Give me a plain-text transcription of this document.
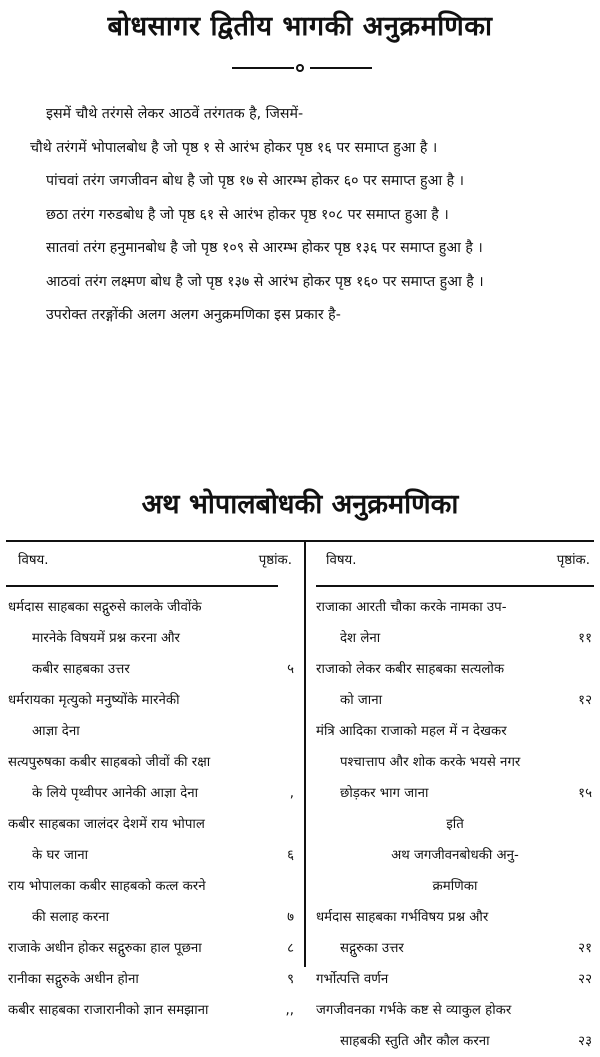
बोधसागर द्वितीय भागकी अनुक्रमणिका

इसमें चौथे तरंगसे लेकर आठवें तरंगतक है, जिसमें-

चौथे तरंगमें भोपालबोध है जो पृष्ठ १ से आरंभ होकर पृष्ठ १६ पर समाप्त हुआ है ।

पांचवां तरंग जगजीवन बोध है जो पृष्ठ १७ से आरम्भ होकर ६० पर समाप्त हुआ है ।

छठा तरंग गरुडबोध है जो पृष्ठ ६१ से आरंभ होकर पृष्ठ १०८ पर समाप्त हुआ है ।

सातवां तरंग हनुमानबोध है जो पृष्ठ १०९ से आरम्भ होकर पृष्ठ १३६ पर समाप्त हुआ है ।

आठवां तरंग लक्ष्मण बोध है जो पृष्ठ १३७ से आरंभ होकर पृष्ठ १६० पर समाप्त हुआ है ।

उपरोक्त तरङ्गोंकी अलग अलग अनुक्रमणिका इस प्रकार है-

अथ भोपालबोधकी अनुक्रमणिका
विषय.	पृष्ठांक.
धर्मदास साहबका सद्गुरुसे कालके जीवोंके
मारनेके विषयमें प्रश्न करना और
कबीर साहबका उत्तर	५
धर्मरायका मृत्युको मनुष्योंके मारनेकी
आज्ञा देना
सत्यपुरुषका कबीर साहबको जीवों की रक्षा
के लिये पृथ्वीपर आनेकी आज्ञा देना	,
कबीर साहबका जालंदर देशमें राय भोपाल
के घर जाना	६
राय भोपालका कबीर साहबको कत्ल करने
की सलाह करना	७
राजाके अधीन होकर सद्गुरुका हाल पूछना	८
रानीका सद्गुरुके अधीन होना	९
कबीर साहबका राजारानीको ज्ञान समझाना	,,
विषय.	पृष्ठांक.
राजाका आरती चौका करके नामका उप-
देश लेना	११
राजाको लेकर कबीर साहबका सत्यलोक
को जाना	१२
मंत्रि आदिका राजाको महल में न देखकर
पश्चात्ताप और शोक करके भयसे नगर
छोड़कर भाग जाना	१५
इति
अथ जगजीवनबोधकी अनु-
क्रमणिका
धर्मदास साहबका गर्भविषय प्रश्न और
सद्गुरुका उत्तर	२१
गर्भोत्पत्ति वर्णन	२२
जगजीवनका गर्भके कष्ट से व्याकुल होकर
साहबकी स्तुति और कौल करना	२३
